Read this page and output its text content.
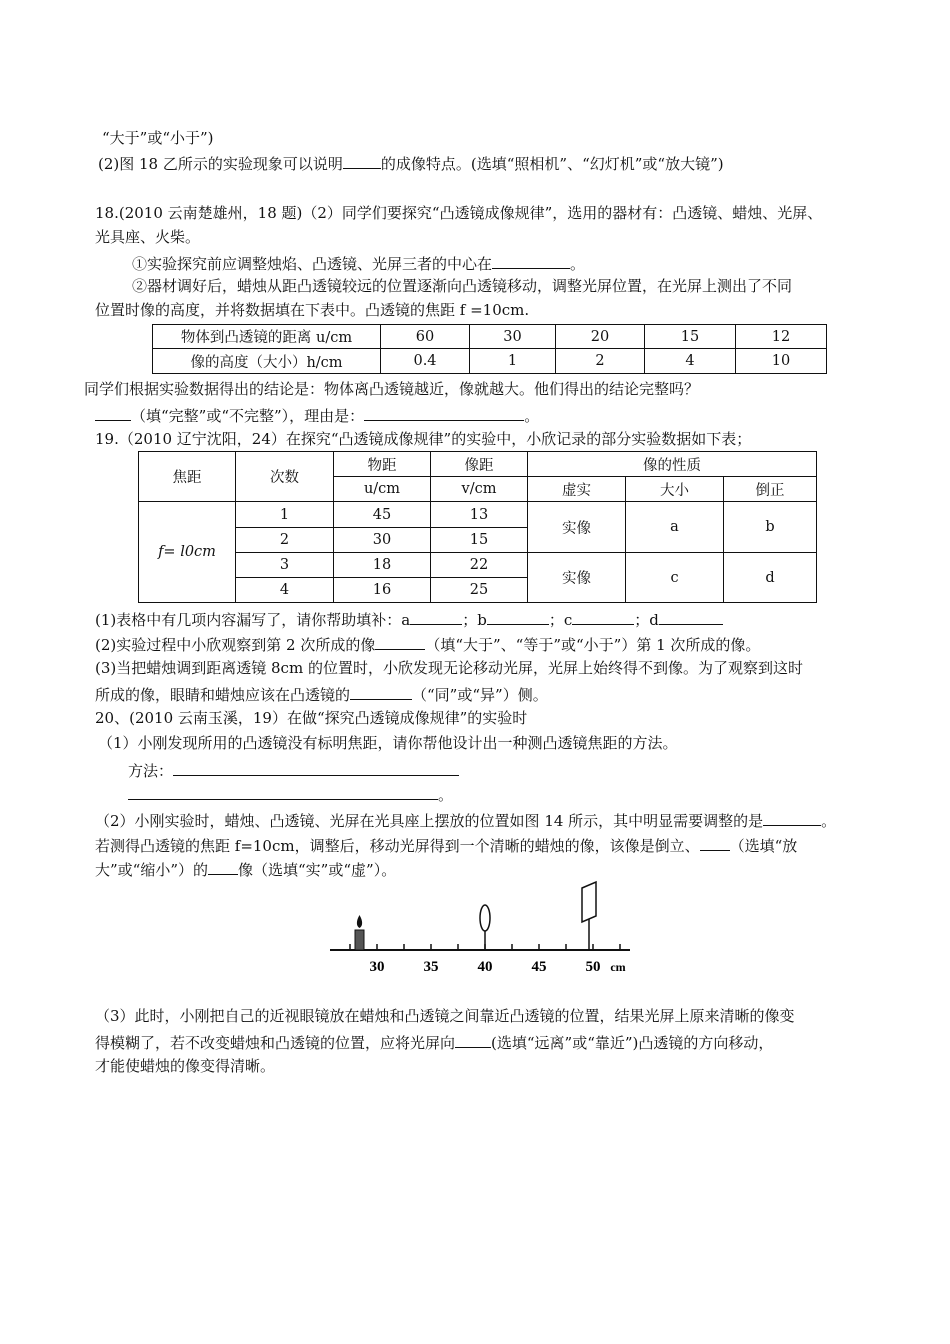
“大于”或“小于”)
(2)图 18 乙所示的实验现象可以说明	的成像特点。(选填“照相机”、“幻灯机”或“放大镜”)
18.(2010 云南楚雄州，18 题)（2）同学们要探究“凸透镜成像规律”，选用的器材有：凸透镜、蜡烛、光屏、
光具座、火柴。
①实验探究前应调整烛焰、凸透镜、光屏三者的中心在	。
②器材调好后，蜡烛从距凸透镜较远的位置逐渐向凸透镜移动，调整光屏位置，在光屏上测出了不同
位置时像的高度，并将数据填在下表中。凸透镜的焦距 f =10cm.
物体到凸透镜的距离 u/cm	60	30	20	15	12
像的高度（大小）h/cm	0.4	1	2	4	10
同学们根据实验数据得出的结论是：物体离凸透镜越近，像就越大。他们得出的结论完整吗？
（填“完整”或“不完整”），理由是：	。
19.（2010 辽宁沈阳，24）在探究“凸透镜成像规律”的实验中，小欣记录的部分实验数据如下表；
焦距	次数	物距	像距	像的性质		
		u/cm	v/cm	虚实	大小	倒正
f= l0cm	1	45	13	实像	a	b
	2	30	15			
	3	18	22	实像	c	d
	4	16	25			
(1)表格中有几项内容漏写了，请你帮助填补：a	；b	；c	；d
(2)实验过程中小欣观察到第 2 次所成的像	（填“大于”、“等于”或“小于”）第 1 次所成的像。
(3)当把蜡烛调到距离透镜 8cm 的位置时，小欣发现无论移动光屏，光屏上始终得不到像。为了观察到这时
所成的像，眼睛和蜡烛应该在凸透镜的	（“同”或“异”）侧。
20、(2010 云南玉溪，19）在做“探究凸透镜成像规律”的实验时
（1）小刚发现所用的凸透镜没有标明焦距，请你帮他设计出一种测凸透镜焦距的方法。
方法：
。
（2）小刚实验时，蜡烛、凸透镜、光屏在光具座上摆放的位置如图 14 所示，其中明显需要调整的是	。
若测得凸透镜的焦距 f=10cm，调整后，移动光屏得到一个清晰的蜡烛的像，该像是倒立、 （选填“放
大”或“缩小”）的 像（选填“实”或“虚”）。
30	35	40	45	50 cm
（3）此时，小刚把自己的近视眼镜放在蜡烛和凸透镜之间靠近凸透镜的位置，结果光屏上原来清晰的像变
得模糊了，若不改变蜡烛和凸透镜的位置，应将光屏向 (选填“远离”或“靠近”)凸透镜的方向移动，
才能使蜡烛的像变得清晰。
